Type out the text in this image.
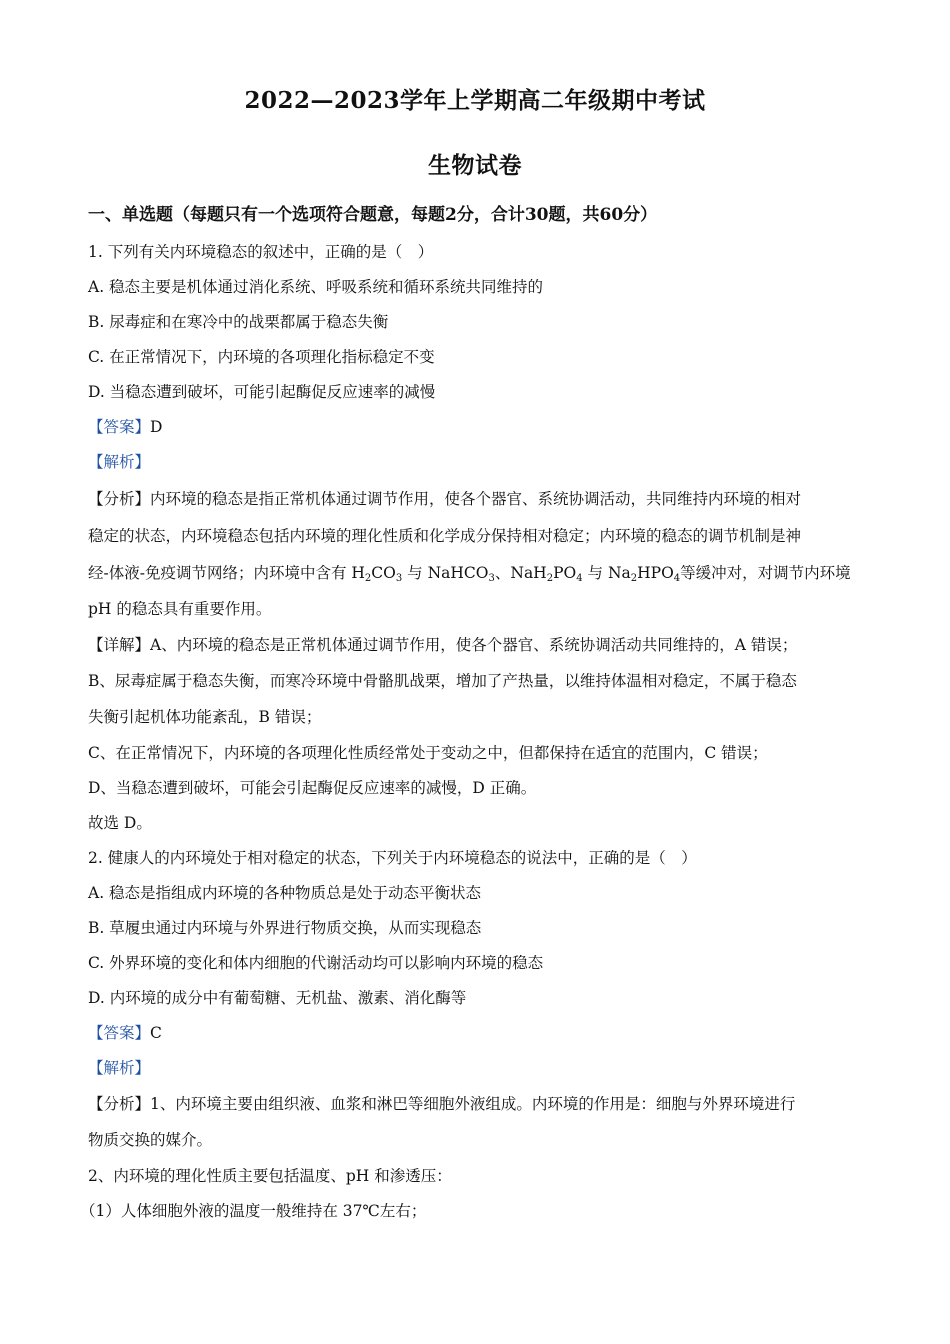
2022—2023学年上学期高二年级期中考试
生物试卷
一、单选题（每题只有一个选项符合题意，每题2分，合计30题，共60分）
1. 下列有关内环境稳态的叙述中，正确的是（　）
A. 稳态主要是机体通过消化系统、呼吸系统和循环系统共同维持的
B. 尿毒症和在寒冷中的战栗都属于稳态失衡
C. 在正常情况下，内环境的各项理化指标稳定不变
D. 当稳态遭到破坏，可能引起酶促反应速率的减慢
【答案】D
【解析】
【分析】内环境的稳态是指正常机体通过调节作用，使各个器官、系统协调活动，共同维持内环境的相对
稳定的状态，内环境稳态包括内环境的理化性质和化学成分保持相对稳定；内环境的稳态的调节机制是神
经-体液-免疫调节网络；内环境中含有 $H_2CO_3$ 与 NaHCO$_3$、$NaH_2PO_4$ 与 $Na_2HPO_4$等缓冲对，对调节内环境
pH 的稳态具有重要作用。
【详解】A、内环境的稳态是正常机体通过调节作用，使各个器官、系统协调活动共同维持的，A 错误；
B、尿毒症属于稳态失衡，而寒冷环境中骨骼肌战栗，增加了产热量，以维持体温相对稳定，不属于稳态
失衡引起机体功能紊乱，B 错误；
C、在正常情况下，内环境的各项理化性质经常处于变动之中，但都保持在适宜的范围内，C 错误；
D、当稳态遭到破坏，可能会引起酶促反应速率的减慢，D 正确。
故选 D。
2. 健康人的内环境处于相对稳定的状态，下列关于内环境稳态的说法中，正确的是（　）
A. 稳态是指组成内环境的各种物质总是处于动态平衡状态
B. 草履虫通过内环境与外界进行物质交换，从而实现稳态
C. 外界环境的变化和体内细胞的代谢活动均可以影响内环境的稳态
D. 内环境的成分中有葡萄糖、无机盐、激素、消化酶等
【答案】C
【解析】
【分析】1、内环境主要由组织液、血浆和淋巴等细胞外液组成。内环境的作用是：细胞与外界环境进行
物质交换的媒介。
2、内环境的理化性质主要包括温度、pH 和渗透压：
（1）人体细胞外液的温度一般维持在 37℃左右；
